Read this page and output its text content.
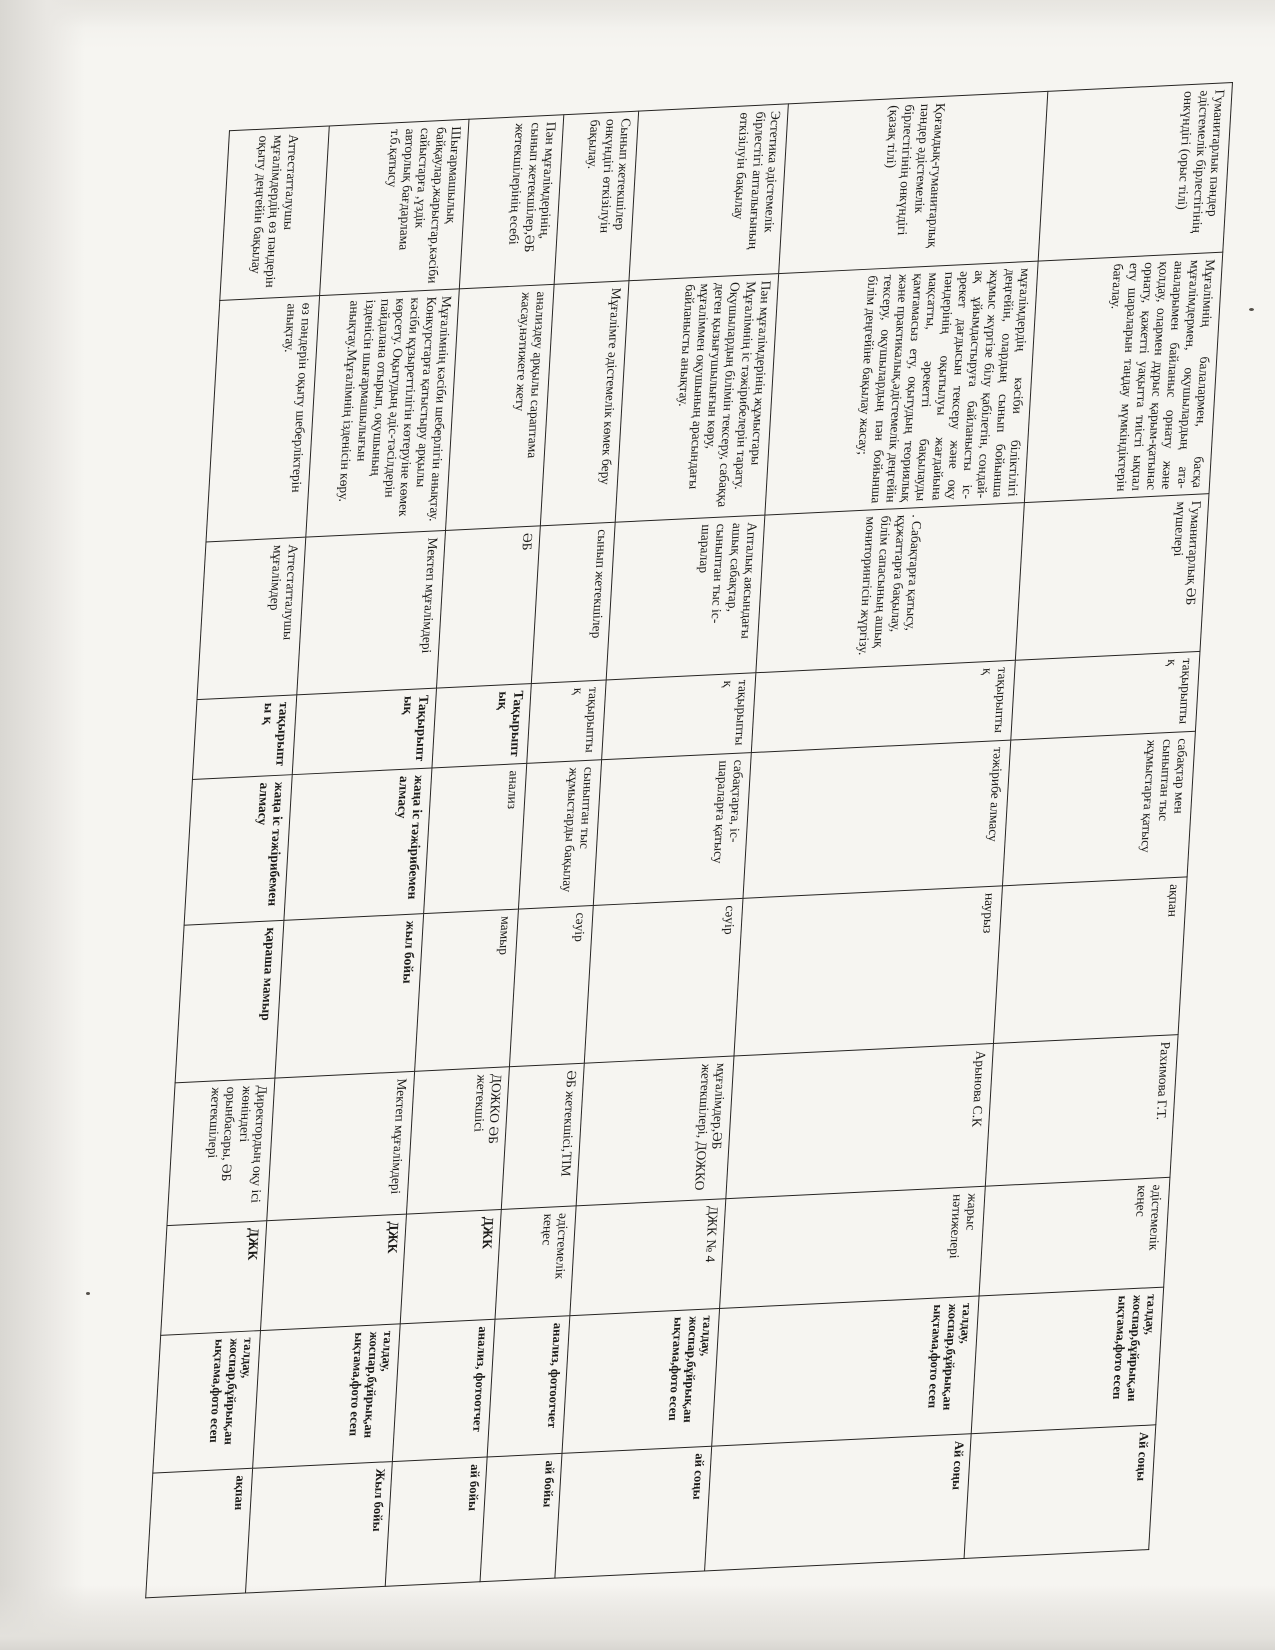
Гуманитарлык пәндер әдістемелік бірлестігінің онкүндігі (орыс тілі)	Мұғалімнің балалармен, басқа мұғалімдермен, оқушылардың ата-аналарымен байланыс орнату және қолдау, олармен дұрыс қарым-қатынас орнату, қажетті уақытта тиісті ықпал ету шараларын таңдау мүмкіндіктерін бағалау.	Гуманитарлық ӘБ мүшелері	тақырыптық	сабақтар мен сыныптан тыс жұмыстарға қатысу	ақпан	Рахимова Г.Т.	әдістемелік кеңес	талдау, жоспар,бұйрық,ан ықтама,фото есеп	Ай соңы
Қоғамдық-гуманитарлық пәндер әдістемелік бірлестігінің онкүндігі (қазақ тілі)	мұғалімдердің кәсіби біліктілігі деңгейін, олардың сынып бойынша жұмыс жүргізе білу қабілетін, сондай-ақ ұйымдастыруға байланысты іс-әрекет дағдысын тексеру және оқу пәндерінің оқытылуы жағдайына мақсатты, әрекетті бақылауды қамтамасыз ету, оқытудың теориялық және практикалық,әдістемелік деңгейін тексеру, оқушылардың пән бойынша білім деңгейіне бақылау жасау;	. Сабақтарға қатысу, құжаттарға бақылау, білім сапасының ашық мониторингісін жүргізу.	тақырыптық	тәжірибе алмасу	наурыз	Арынова С.К	жарыс нәтижелері	талдау, жоспар,бұйрық,ан ықтама,фото есеп	Ай соңы
Эстетика әдістемелік бірлестігі апталығының өткізілуін бақылау	Пән мұғалімдерінің жұмыстары Мұғалімнің іс тәжірибелерін тарату. Оқушылардың білімін тексеру, сабаққа деген қызығушылығын көру, мұғаліммен оқушының арасындағы байланысты анықтау.	Апталық аясындағы ашық сабақтар, сыныптан тыс іс-шаралар	тақырыптық	сабақтарға, іс-шараларға қатысу	сәуір	мұғалімдер,ӘБ жетекшілері, ДОЖКО	ДЖК № 4	талдау, жоспар,бұйрық,ан ықтама,фото есеп	ай соңы
Сынып жетекшілер онкүндігі өткізілуін бақылау.	Мұғалімге әдістемелік көмек беру	сынып жетекшілер	тақырыптық	сыныптан тыс жұмыстарды бақылау	сәуір	ӘБ жетекшісі,ТІМ	әдістемелік кеңес	анализ, фотоотчет	ай бойы
Пән мұғалімдерінің, сынып жетекшілер,ӘБ жетекшілерінің есебі	анализдеу арқылы сараптама жасау,нәтижеге жету	ӘБ	Тақырыптық	анализ	мамыр	ДОЖКО ӘБ жетекшісі	ДЖК	анализ, фотоотчет	ай бойы
Шығармашылық байқаулар,жарыстар,кәсіби сайыстарға ,үздік авторлық бағдарлама т.б.қатысу	Мұғалімнің кәсіби шеберлігін анықтау. Конкурстарға қатыстыру арқылы кәсіби құзыреттілігін көтеруіне көмек көрсету. Оқытудың әдіс-тәсілдерін пайдалана отырып, оқушының ізденісін шығармашылығын анықтау.Мұғалімнің ізденісін көру.	Мектеп мұғалімдері	Тақырыптық	жаңа іс тәжірибемен алмасу	жыл бойы	Мектеп мұғалімдері	ДЖК	талдау, жоспар,бұйрық,ан ықтама,фото есеп	Жыл бойы
Аттестатталушы мұғалімдердің өз пәндерін оқыту деңгейін бақылау	өз пәндерін оқыту шеберліктерін анықтау.	Аттестатталушы мұғалімдер	тақырыпты қ	жаңа іс тәжірибемен алмасу	қараша мамыр	Директордың оқу ісі жөніндегі орынбасары, ӘБ жетекшілері	ДЖК	талдау, жоспар,бұйрық,ан ықтама,фото есеп	ақпан
